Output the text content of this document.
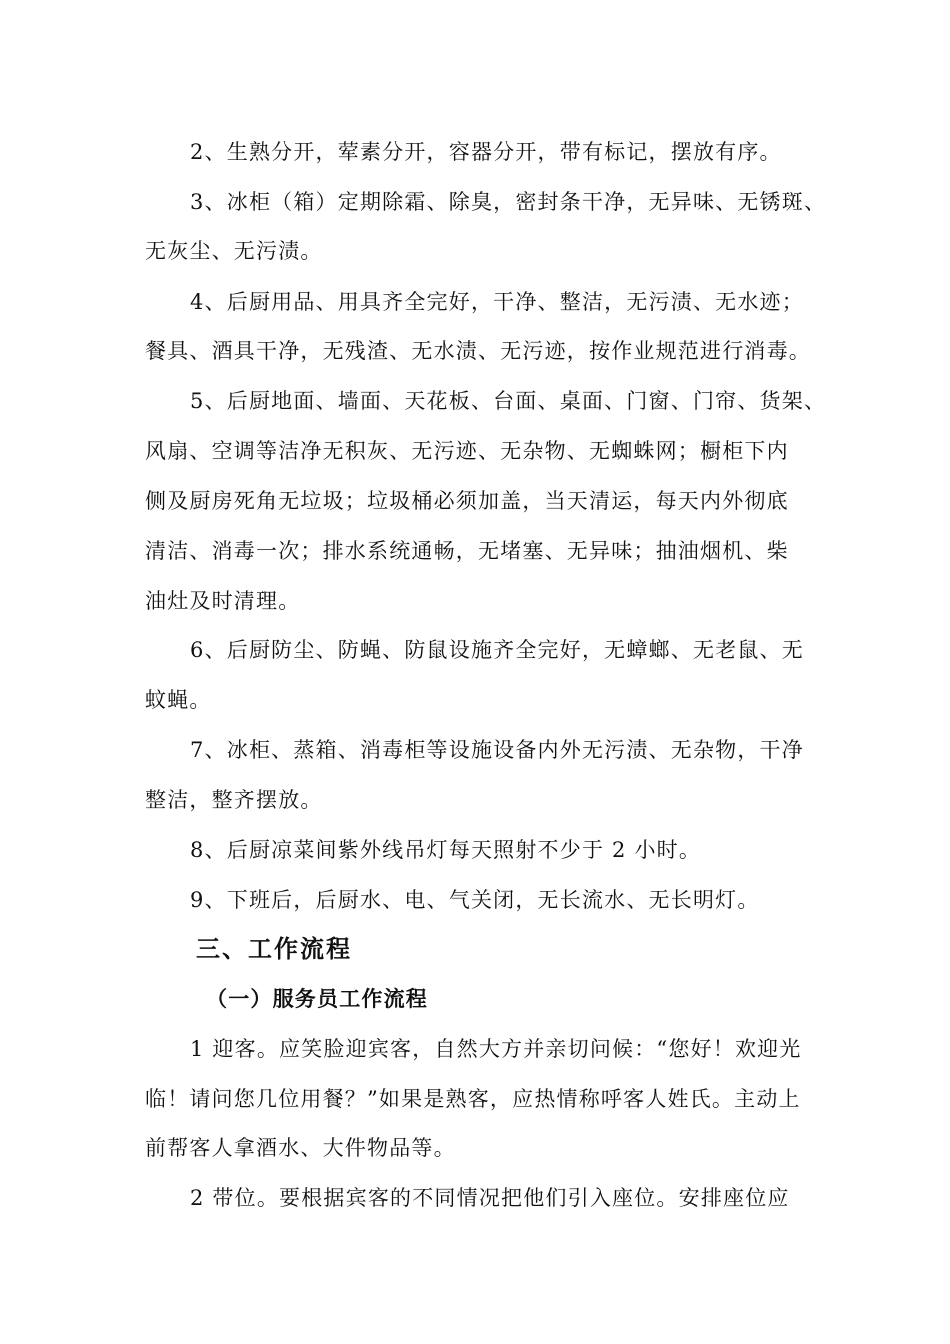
2、生熟分开，荤素分开，容器分开，带有标记，摆放有序。
3、冰柜（箱）定期除霜、除臭，密封条干净，无异味、无锈斑、
无灰尘、无污渍。
4、后厨用品、用具齐全完好，干净、整洁，无污渍、无水迹；
餐具、酒具干净，无残渣、无水渍、无污迹，按作业规范进行消毒。
5、后厨地面、墙面、天花板、台面、桌面、门窗、门帘、货架、
风扇、空调等洁净无积灰、无污迹、无杂物、无蜘蛛网；橱柜下内
侧及厨房死角无垃圾；垃圾桶必须加盖，当天清运，每天内外彻底
清洁、消毒一次；排水系统通畅，无堵塞、无异味；抽油烟机、柴
油灶及时清理。
6、后厨防尘、防蝇、防鼠设施齐全完好，无蟑螂、无老鼠、无
蚊蝇。
7、冰柜、蒸箱、消毒柜等设施设备内外无污渍、无杂物，干净
整洁，整齐摆放。
8、后厨凉菜间紫外线吊灯每天照射不少于 2 小时。
9、下班后，后厨水、电、气关闭，无长流水、无长明灯。
三、工作流程
（一）服务员工作流程
1 迎客。应笑脸迎宾客，自然大方并亲切问候：“您好！欢迎光
临！请问您几位用餐？”如果是熟客，应热情称呼客人姓氏。主动上
前帮客人拿酒水、大件物品等。
2 带位。要根据宾客的不同情况把他们引入座位。安排座位应
